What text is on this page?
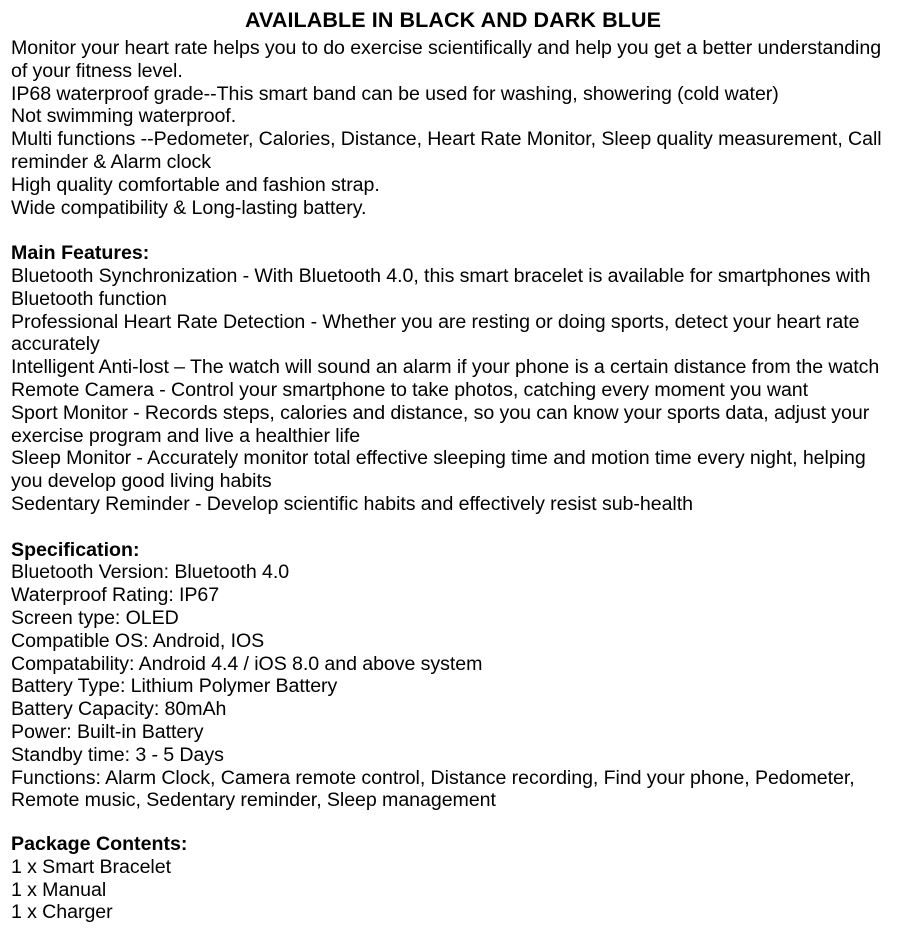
AVAILABLE IN BLACK AND DARK BLUE

Monitor your heart rate helps you to do exercise scientifically and help you get a better understanding of your fitness level.

IP68 waterproof grade--This smart band can be used for washing, showering (cold water)

Not swimming waterproof.

Multi functions --Pedometer, Calories, Distance, Heart Rate Monitor, Sleep quality measurement, Call reminder & Alarm clock

High quality comfortable and fashion strap.

Wide compatibility & Long-lasting battery.

Main Features:

Bluetooth Synchronization - With Bluetooth 4.0, this smart bracelet is available for smartphones with Bluetooth function

Professional Heart Rate Detection - Whether you are resting or doing sports, detect your heart rate accurately

Intelligent Anti-lost – The watch will sound an alarm if your phone is a certain distance from the watch

Remote Camera - Control your smartphone to take photos, catching every moment you want

Sport Monitor - Records steps, calories and distance, so you can know your sports data, adjust your exercise program and live a healthier life

Sleep Monitor - Accurately monitor total effective sleeping time and motion time every night, helping you develop good living habits

Sedentary Reminder - Develop scientific habits and effectively resist sub-health

Specification:

Bluetooth Version: Bluetooth 4.0

Waterproof Rating: IP67

Screen type: OLED

Compatible OS: Android, IOS

Compatability: Android 4.4 / iOS 8.0 and above system

Battery Type: Lithium Polymer Battery

Battery Capacity: 80mAh

Power: Built-in Battery

Standby time: 3 - 5 Days

Functions: Alarm Clock, Camera remote control, Distance recording, Find your phone, Pedometer, Remote music, Sedentary reminder, Sleep management

Package Contents:

1 x Smart Bracelet

1 x Manual

1 x Charger
